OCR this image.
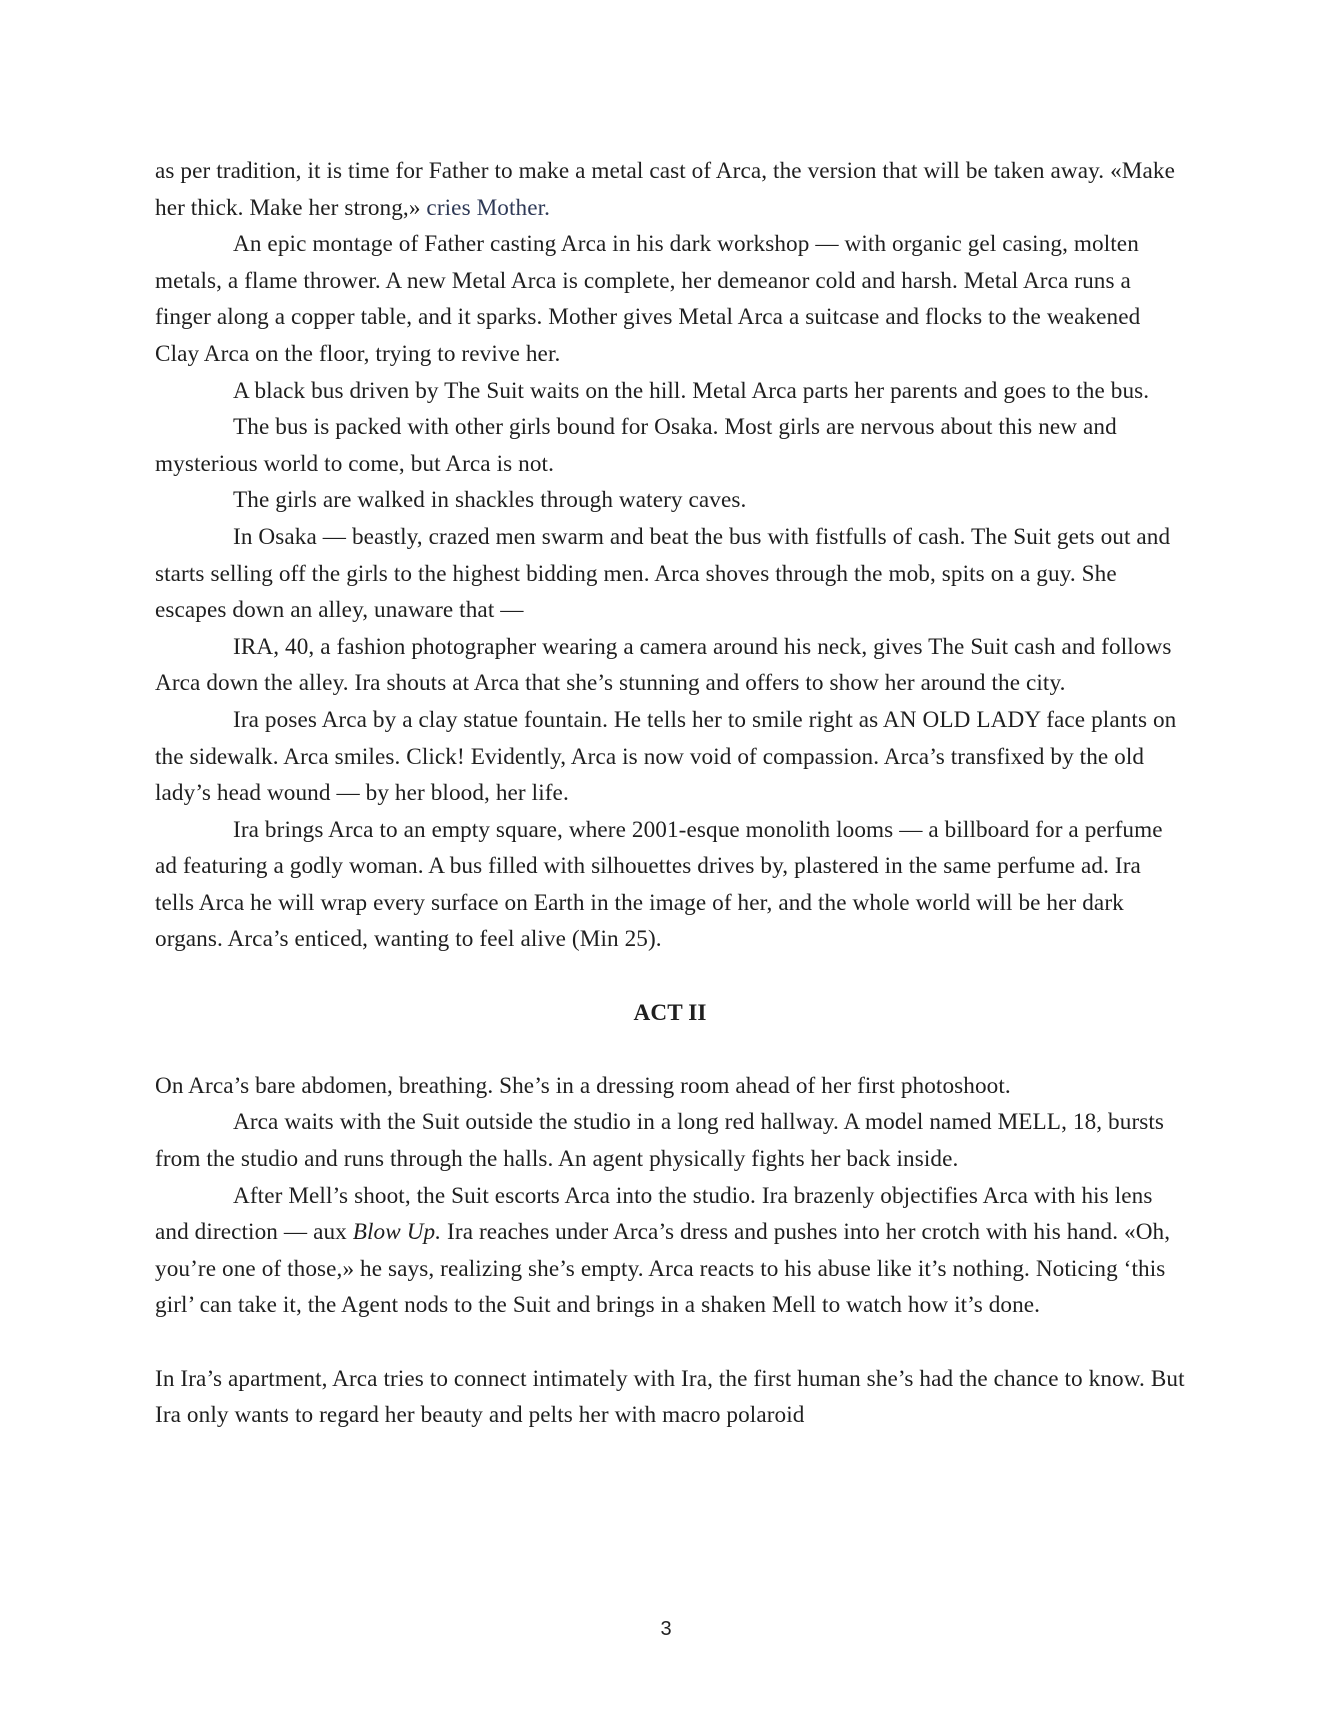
as per tradition, it is time for Father to make a metal cast of Arca, the version that will be taken away. «Make her thick. Make her strong,» cries Mother.

An epic montage of Father casting Arca in his dark workshop — with organic gel casing, molten metals, a flame thrower. A new Metal Arca is complete, her demeanor cold and harsh. Metal Arca runs a finger along a copper table, and it sparks. Mother gives Metal Arca a suitcase and flocks to the weakened Clay Arca on the floor, trying to revive her.

A black bus driven by The Suit waits on the hill. Metal Arca parts her parents and goes to the bus.

The bus is packed with other girls bound for Osaka. Most girls are nervous about this new and mysterious world to come, but Arca is not.

The girls are walked in shackles through watery caves.

In Osaka — beastly, crazed men swarm and beat the bus with fistfulls of cash. The Suit gets out and starts selling off the girls to the highest bidding men. Arca shoves through the mob, spits on a guy. She escapes down an alley, unaware that —

IRA, 40, a fashion photographer wearing a camera around his neck, gives The Suit cash and follows Arca down the alley. Ira shouts at Arca that she’s stunning and offers to show her around the city.

Ira poses Arca by a clay statue fountain. He tells her to smile right as AN OLD LADY face plants on the sidewalk. Arca smiles. Click! Evidently, Arca is now void of compassion. Arca’s transfixed by the old lady’s head wound — by her blood, her life.

Ira brings Arca to an empty square, where 2001-esque monolith looms — a billboard for a perfume ad featuring a godly woman. A bus filled with silhouettes drives by, plastered in the same perfume ad. Ira tells Arca he will wrap every surface on Earth in the image of her, and the whole world will be her dark organs. Arca’s enticed, wanting to feel alive (Min 25).

ACT II

On Arca’s bare abdomen, breathing. She’s in a dressing room ahead of her first photoshoot.

Arca waits with the Suit outside the studio in a long red hallway. A model named MELL, 18, bursts from the studio and runs through the halls. An agent physically fights her back inside.

After Mell’s shoot, the Suit escorts Arca into the studio. Ira brazenly objectifies Arca with his lens and direction — aux Blow Up. Ira reaches under Arca’s dress and pushes into her crotch with his hand. «Oh, you’re one of those,» he says, realizing she’s empty. Arca reacts to his abuse like it’s nothing. Noticing ‘this girl’ can take it, the Agent nods to the Suit and brings in a shaken Mell to watch how it’s done.

In Ira’s apartment, Arca tries to connect intimately with Ira, the first human she’s had the chance to know. But Ira only wants to regard her beauty and pelts her with macro polaroid

3
